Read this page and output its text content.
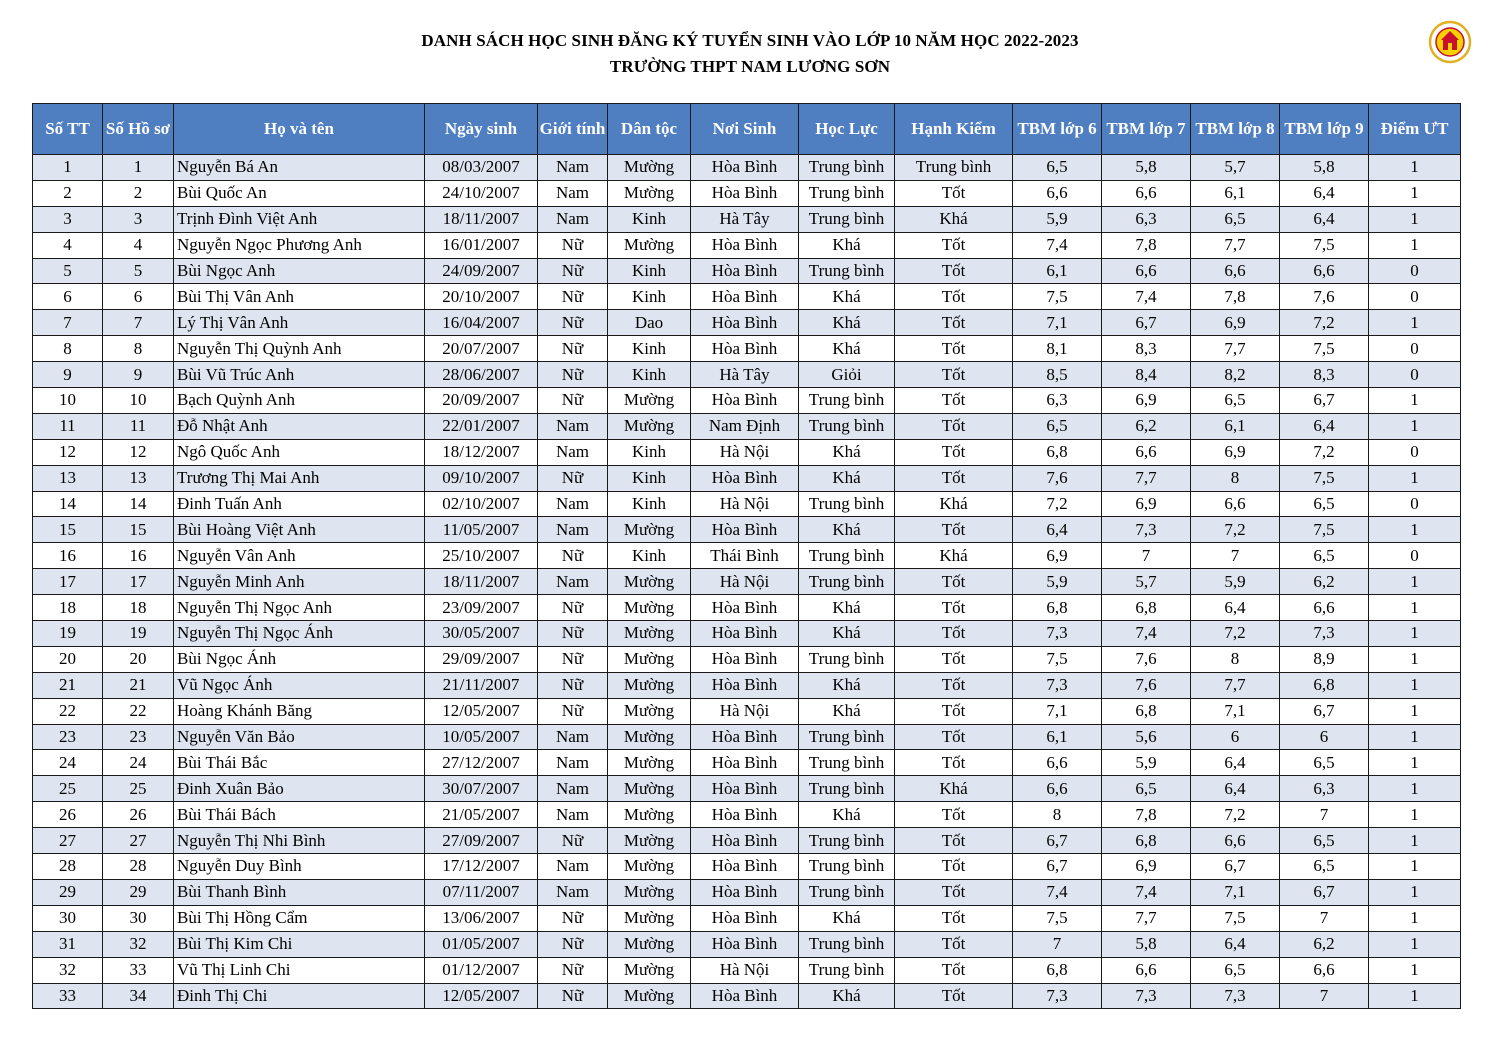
DANH SÁCH HỌC SINH ĐĂNG KÝ TUYỂN SINH VÀO LỚP 10 NĂM HỌC 2022-2023
TRƯỜNG THPT NAM LƯƠNG SƠN
Số TT	Số Hồ sơ	Họ và tên	Ngày sinh	Giới tính	Dân tộc	Nơi Sinh	Học Lực	Hạnh Kiểm	TBM lớp 6	TBM lớp 7	TBM lớp 8	TBM lớp 9	Điểm ƯT
1	1	Nguyễn Bá An	08/03/2007	Nam	Mường	Hòa Bình	Trung bình	Trung bình	6,5	5,8	5,7	5,8	1
2	2	Bùi Quốc An	24/10/2007	Nam	Mường	Hòa Bình	Trung bình	Tốt	6,6	6,6	6,1	6,4	1
3	3	Trịnh Đình Việt Anh	18/11/2007	Nam	Kinh	Hà Tây	Trung bình	Khá	5,9	6,3	6,5	6,4	1
4	4	Nguyễn Ngọc Phương Anh	16/01/2007	Nữ	Mường	Hòa Bình	Khá	Tốt	7,4	7,8	7,7	7,5	1
5	5	Bùi Ngọc Anh	24/09/2007	Nữ	Kinh	Hòa Bình	Trung bình	Tốt	6,1	6,6	6,6	6,6	0
6	6	Bùi Thị Vân Anh	20/10/2007	Nữ	Kinh	Hòa Bình	Khá	Tốt	7,5	7,4	7,8	7,6	0
7	7	Lý Thị Vân Anh	16/04/2007	Nữ	Dao	Hòa Bình	Khá	Tốt	7,1	6,7	6,9	7,2	1
8	8	Nguyễn Thị Quỳnh Anh	20/07/2007	Nữ	Kinh	Hòa Bình	Khá	Tốt	8,1	8,3	7,7	7,5	0
9	9	Bùi Vũ Trúc Anh	28/06/2007	Nữ	Kinh	Hà Tây	Giỏi	Tốt	8,5	8,4	8,2	8,3	0
10	10	Bạch Quỳnh Anh	20/09/2007	Nữ	Mường	Hòa Bình	Trung bình	Tốt	6,3	6,9	6,5	6,7	1
11	11	Đỗ Nhật Anh	22/01/2007	Nam	Mường	Nam Định	Trung bình	Tốt	6,5	6,2	6,1	6,4	1
12	12	Ngô Quốc Anh	18/12/2007	Nam	Kinh	Hà Nội	Khá	Tốt	6,8	6,6	6,9	7,2	0
13	13	Trương Thị Mai Anh	09/10/2007	Nữ	Kinh	Hòa Bình	Khá	Tốt	7,6	7,7	8	7,5	1
14	14	Đinh Tuấn Anh	02/10/2007	Nam	Kinh	Hà Nội	Trung bình	Khá	7,2	6,9	6,6	6,5	0
15	15	Bùi Hoàng Việt Anh	11/05/2007	Nam	Mường	Hòa Bình	Khá	Tốt	6,4	7,3	7,2	7,5	1
16	16	Nguyễn Vân Anh	25/10/2007	Nữ	Kinh	Thái Bình	Trung bình	Khá	6,9	7	7	6,5	0
17	17	Nguyễn Minh Anh	18/11/2007	Nam	Mường	Hà Nội	Trung bình	Tốt	5,9	5,7	5,9	6,2	1
18	18	Nguyễn Thị Ngọc Anh	23/09/2007	Nữ	Mường	Hòa Bình	Khá	Tốt	6,8	6,8	6,4	6,6	1
19	19	Nguyễn Thị Ngọc Ánh	30/05/2007	Nữ	Mường	Hòa Bình	Khá	Tốt	7,3	7,4	7,2	7,3	1
20	20	Bùi Ngọc Ánh	29/09/2007	Nữ	Mường	Hòa Bình	Trung bình	Tốt	7,5	7,6	8	8,9	1
21	21	Vũ Ngọc Ánh	21/11/2007	Nữ	Mường	Hòa Bình	Khá	Tốt	7,3	7,6	7,7	6,8	1
22	22	Hoàng Khánh Băng	12/05/2007	Nữ	Mường	Hà Nội	Khá	Tốt	7,1	6,8	7,1	6,7	1
23	23	Nguyễn Văn Bảo	10/05/2007	Nam	Mường	Hòa Bình	Trung bình	Tốt	6,1	5,6	6	6	1
24	24	Bùi Thái Bắc	27/12/2007	Nam	Mường	Hòa Bình	Trung bình	Tốt	6,6	5,9	6,4	6,5	1
25	25	Đinh Xuân Bảo	30/07/2007	Nam	Mường	Hòa Bình	Trung bình	Khá	6,6	6,5	6,4	6,3	1
26	26	Bùi Thái Bách	21/05/2007	Nam	Mường	Hòa Bình	Khá	Tốt	8	7,8	7,2	7	1
27	27	Nguyễn Thị Nhi Bình	27/09/2007	Nữ	Mường	Hòa Bình	Trung bình	Tốt	6,7	6,8	6,6	6,5	1
28	28	Nguyễn Duy Bình	17/12/2007	Nam	Mường	Hòa Bình	Trung bình	Tốt	6,7	6,9	6,7	6,5	1
29	29	Bùi Thanh Bình	07/11/2007	Nam	Mường	Hòa Bình	Trung bình	Tốt	7,4	7,4	7,1	6,7	1
30	30	Bùi Thị Hồng Cẩm	13/06/2007	Nữ	Mường	Hòa Bình	Khá	Tốt	7,5	7,7	7,5	7	1
31	32	Bùi Thị Kim Chi	01/05/2007	Nữ	Mường	Hòa Bình	Trung bình	Tốt	7	5,8	6,4	6,2	1
32	33	Vũ Thị Linh Chi	01/12/2007	Nữ	Mường	Hà Nội	Trung bình	Tốt	6,8	6,6	6,5	6,6	1
33	34	Đinh Thị Chi	12/05/2007	Nữ	Mường	Hòa Bình	Khá	Tốt	7,3	7,3	7,3	7	1
